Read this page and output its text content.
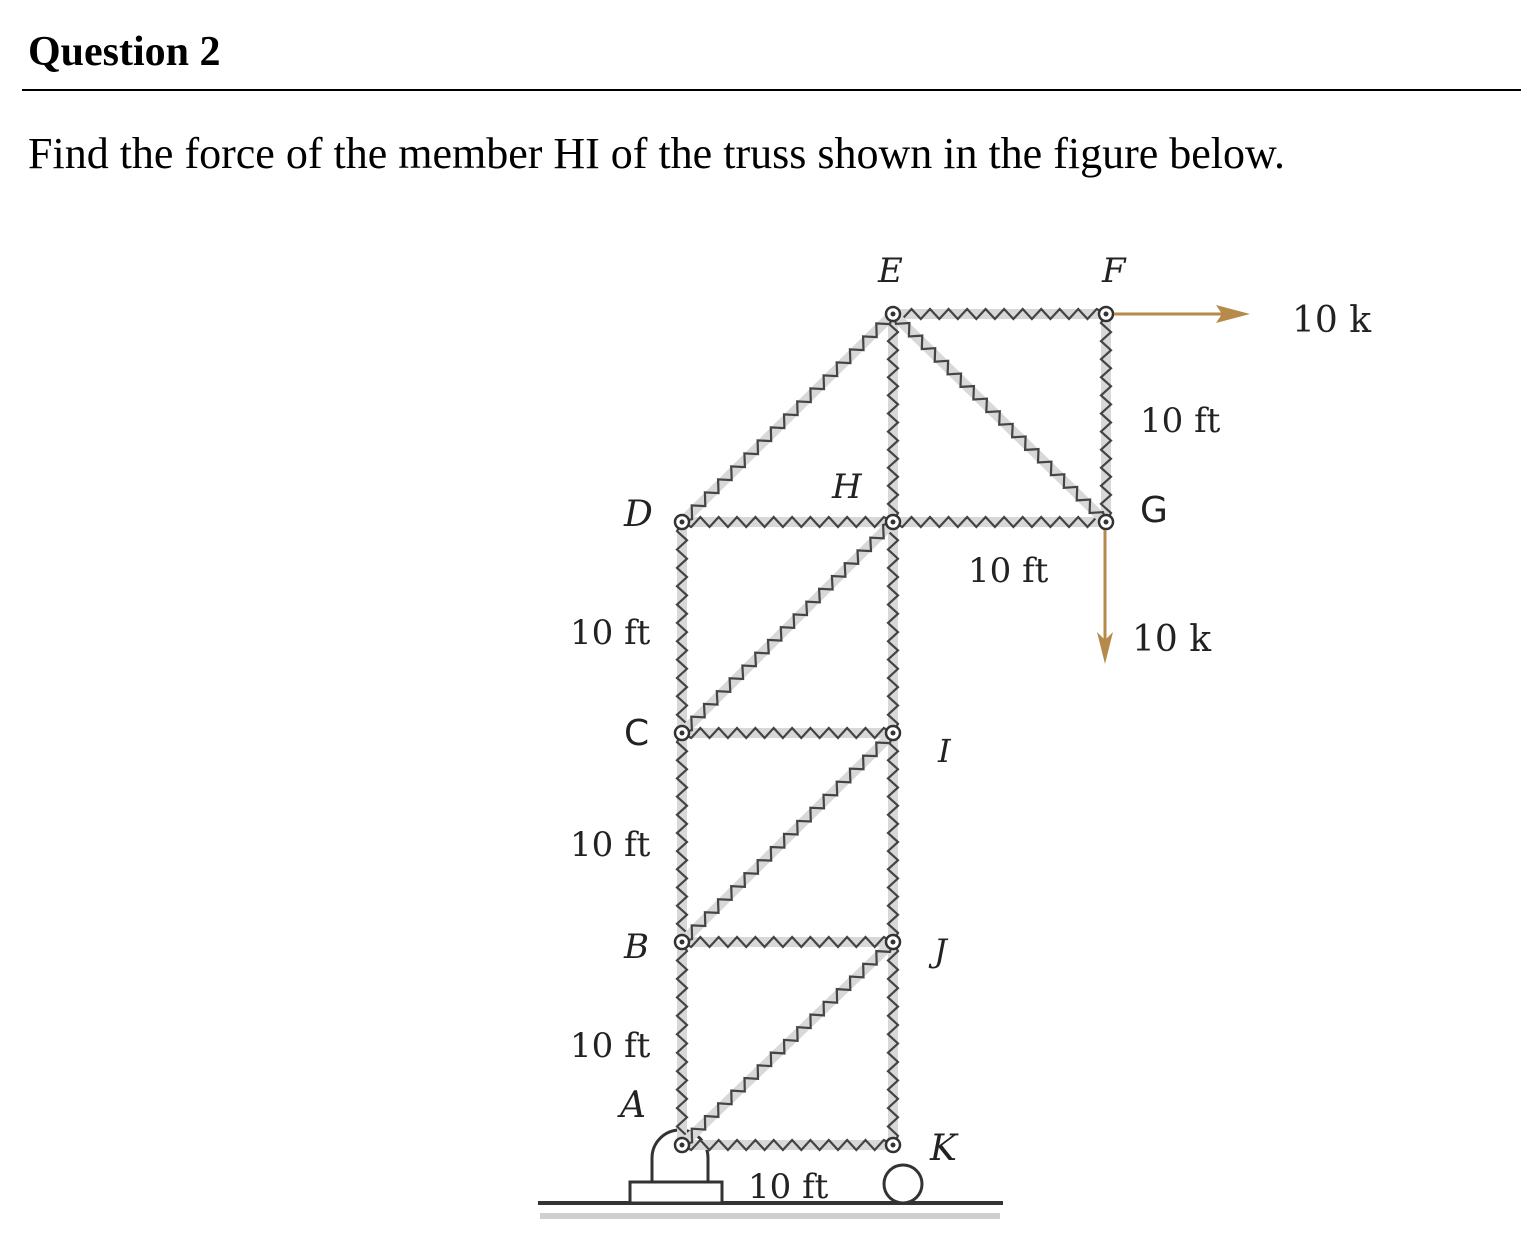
Question 2
Find the force of the member HI of the truss shown in the figure below.
E	F
H
D	G
C	I
B	J
A
K
10 ft
10 ft
10 ft
10 ft
10 ft
10 ft
10 k
10 k
